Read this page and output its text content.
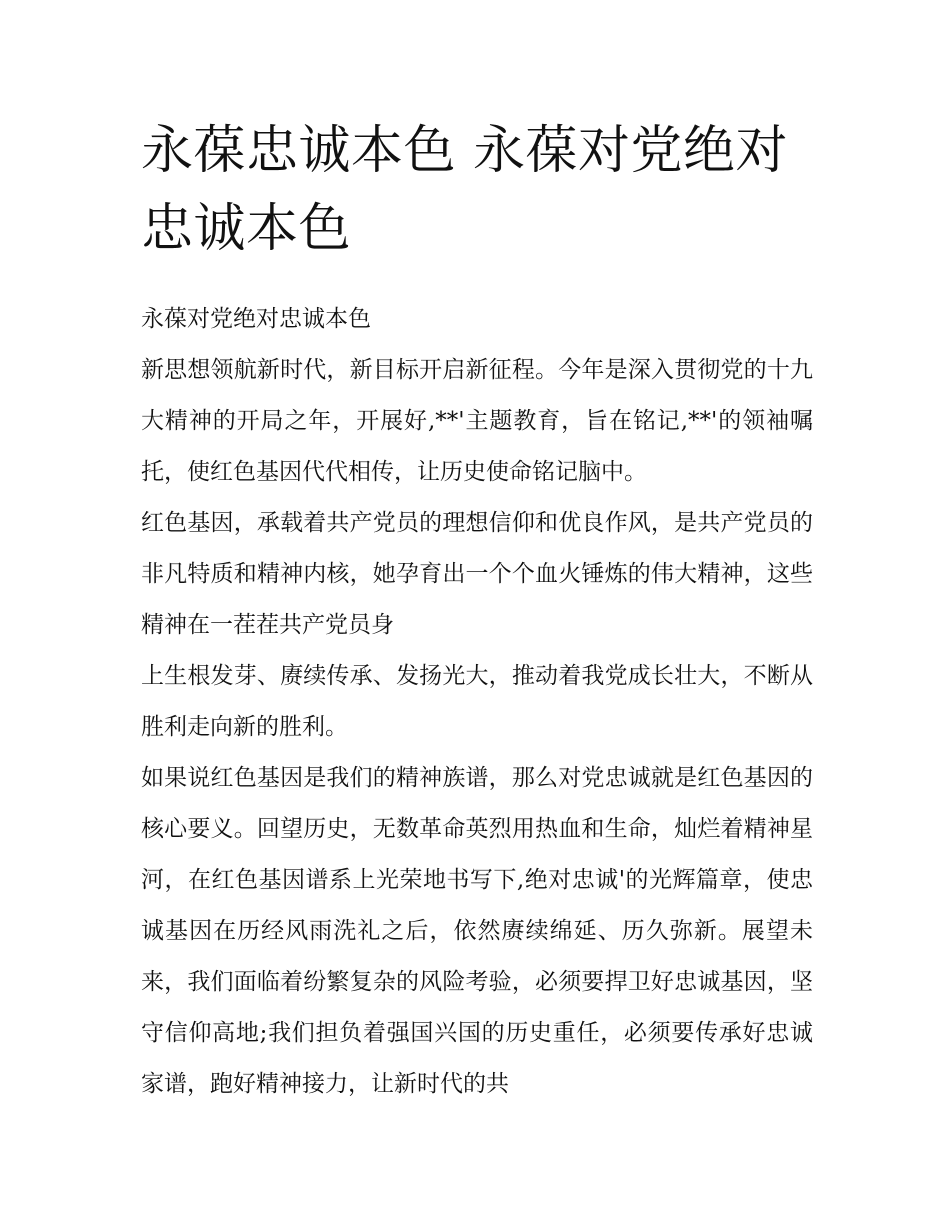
永葆忠诚本色 永葆对党绝对忠诚本色

永葆对党绝对忠诚本色

新思想领航新时代，新目标开启新征程。今年是深入贯彻党的十九大精神的开局之年，开展好,**'主题教育，旨在铭记,**'的领袖嘱托，使红色基因代代相传，让历史使命铭记脑中。

红色基因，承载着共产党员的理想信仰和优良作风，是共产党员的非凡特质和精神内核，她孕育出一个个血火锤炼的伟大精神，这些精神在一茬茬共产党员身

上生根发芽、赓续传承、发扬光大，推动着我党成长壮大，不断从胜利走向新的胜利。

如果说红色基因是我们的精神族谱，那么对党忠诚就是红色基因的核心要义。回望历史，无数革命英烈用热血和生命，灿烂着精神星河，在红色基因谱系上光荣地书写下,绝对忠诚'的光辉篇章，使忠诚基因在历经风雨洗礼之后，依然赓续绵延、历久弥新。展望未来，我们面临着纷繁复杂的风险考验，必须要捍卫好忠诚基因，坚守信仰高地;我们担负着强国兴国的历史重任，必须要传承好忠诚家谱，跑好精神接力，让新时代的共
